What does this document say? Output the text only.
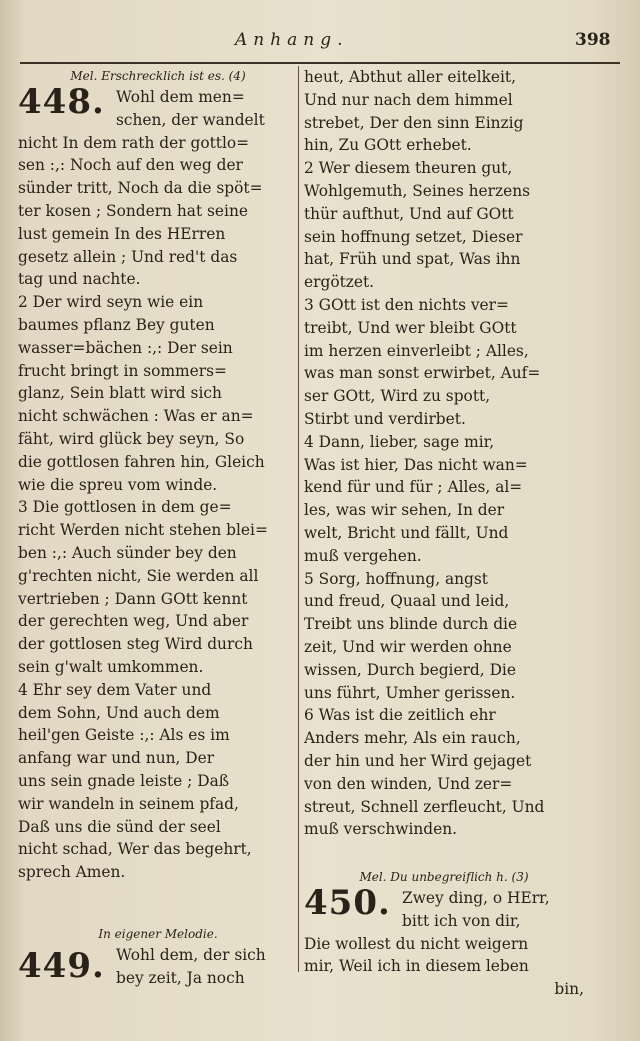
Anhang.	398
Mel. Erschrecklich ist es. (4)
448. Wohl dem men=
schen, der wandelt
nicht In dem rath der gottlo=
sen :,: Noch auf den weg der
sünder tritt, Noch da die spöt=
ter kosen ; Sondern hat seine
lust gemein In des HErren
gesetz allein ; Und red't das
tag und nachte.
2 Der wird seyn wie ein
baumes pflanz Bey guten
wasser=bächen :,: Der sein
frucht bringt in sommers=
glanz, Sein blatt wird sich
nicht schwächen : Was er an=
fäht, wird glück bey seyn, So
die gottlosen fahren hin, Gleich
wie die spreu vom winde.
3 Die gottlosen in dem ge=
richt Werden nicht stehen blei=
ben :,: Auch sünder bey den
g'rechten nicht, Sie werden all
vertrieben ; Dann GOtt kennt
der gerechten weg, Und aber
der gottlosen steg Wird durch
sein g'walt umkommen.
4 Ehr sey dem Vater und
dem Sohn, Und auch dem
heil'gen Geiste :,: Als es im
anfang war und nun, Der
uns sein gnade leiste ; Daß
wir wandeln in seinem pfad,
Daß uns die sünd der seel
nicht schad, Wer das begehrt,
sprech Amen.
In eigener Melodie.
449. Wohl dem, der sich
bey zeit, Ja noch
heut, Abthut aller eitelkeit,
Und nur nach dem himmel
strebet, Der den sinn Einzig
hin, Zu GOtt erhebet.
2 Wer diesem theuren gut,
Wohlgemuth, Seines herzens
thür aufthut, Und auf GOtt
sein hoffnung setzet, Dieser
hat, Früh und spat, Was ihn
ergötzet.
3 GOtt ist den nichts ver=
treibt, Und wer bleibt GOtt
im herzen einverleibt ; Alles,
was man sonst erwirbet, Auf=
ser GOtt, Wird zu spott,
Stirbt und verdirbet.
4 Dann, lieber, sage mir,
Was ist hier, Das nicht wan=
kend für und für ; Alles, al=
les, was wir sehen, In der
welt, Bricht und fällt, Und
muß vergehen.
5 Sorg, hoffnung, angst
und freud, Quaal und leid,
Treibt uns blinde durch die
zeit, Und wir werden ohne
wissen, Durch begierd, Die
uns führt, Umher gerissen.
6 Was ist die zeitlich ehr
Anders mehr, Als ein rauch,
der hin und her Wird gejaget
von den winden, Und zer=
streut, Schnell zerfleucht, Und
muß verschwinden.
Mel. Du unbegreiflich h. (3)
450. Zwey ding, o HErr,
bitt ich von dir,
Die wollest du nicht weigern
mir, Weil ich in diesem leben
bin,
